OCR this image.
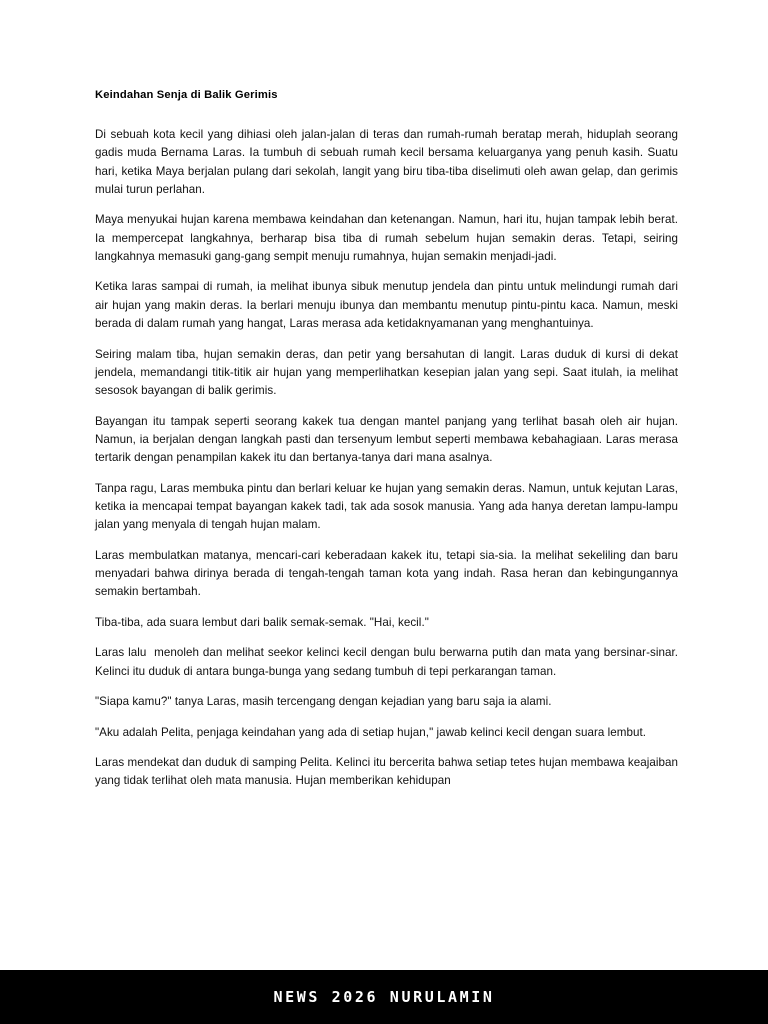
Keindahan Senja di Balik Gerimis

Di sebuah kota kecil yang dihiasi oleh jalan-jalan di teras dan rumah-rumah beratap merah, hiduplah seorang gadis muda Bernama Laras. Ia tumbuh di sebuah rumah kecil bersama keluarganya yang penuh kasih. Suatu hari, ketika Maya berjalan pulang dari sekolah, langit yang biru tiba-tiba diselimuti oleh awan gelap, dan gerimis mulai turun perlahan.

Maya menyukai hujan karena membawa keindahan dan ketenangan. Namun, hari itu, hujan tampak lebih berat. Ia mempercepat langkahnya, berharap bisa tiba di rumah sebelum hujan semakin deras. Tetapi, seiring langkahnya memasuki gang-gang sempit menuju rumahnya, hujan semakin menjadi-jadi.

Ketika laras sampai di rumah, ia melihat ibunya sibuk menutup jendela dan pintu untuk melindungi rumah dari air hujan yang makin deras. Ia berlari menuju ibunya dan membantu menutup pintu-pintu kaca. Namun, meski berada di dalam rumah yang hangat, Laras merasa ada ketidaknyamanan yang menghantuinya.

Seiring malam tiba, hujan semakin deras, dan petir yang bersahutan di langit. Laras duduk di kursi di dekat jendela, memandangi titik-titik air hujan yang memperlihatkan kesepian jalan yang sepi. Saat itulah, ia melihat sesosok bayangan di balik gerimis.

Bayangan itu tampak seperti seorang kakek tua dengan mantel panjang yang terlihat basah oleh air hujan. Namun, ia berjalan dengan langkah pasti dan tersenyum lembut seperti membawa kebahagiaan. Laras merasa tertarik dengan penampilan kakek itu dan bertanya-tanya dari mana asalnya.

Tanpa ragu, Laras membuka pintu dan berlari keluar ke hujan yang semakin deras. Namun, untuk kejutan Laras, ketika ia mencapai tempat bayangan kakek tadi, tak ada sosok manusia. Yang ada hanya deretan lampu-lampu jalan yang menyala di tengah hujan malam.

Laras membulatkan matanya, mencari-cari keberadaan kakek itu, tetapi sia-sia. Ia melihat sekeliling dan baru menyadari bahwa dirinya berada di tengah-tengah taman kota yang indah. Rasa heran dan kebingungannya semakin bertambah.

Tiba-tiba, ada suara lembut dari balik semak-semak. "Hai, kecil."

Laras lalu  menoleh dan melihat seekor kelinci kecil dengan bulu berwarna putih dan mata yang bersinar-sinar. Kelinci itu duduk di antara bunga-bunga yang sedang tumbuh di tepi perkarangan taman.

"Siapa kamu?" tanya Laras, masih tercengang dengan kejadian yang baru saja ia alami.

"Aku adalah Pelita, penjaga keindahan yang ada di setiap hujan," jawab kelinci kecil dengan suara lembut.

Laras mendekat dan duduk di samping Pelita. Kelinci itu bercerita bahwa setiap tetes hujan membawa keajaiban yang tidak terlihat oleh mata manusia. Hujan memberikan kehidupan

NEWS 2026 NURULAMIN
